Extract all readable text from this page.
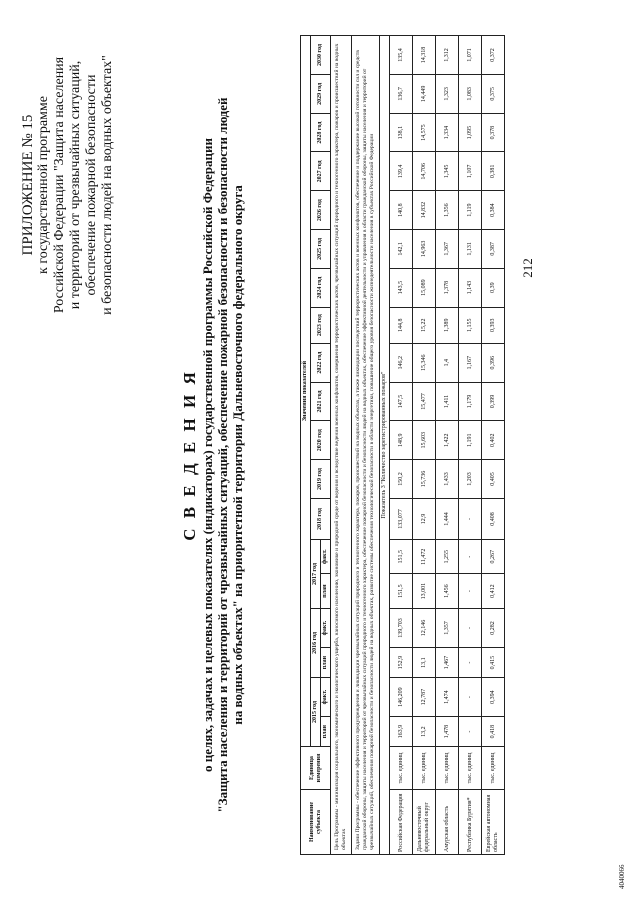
212
ПРИЛОЖЕНИЕ № 15 к государственной программе Российской Федерации "Защита населения и территорий от чрезвычайных ситуаций, обеспечение пожарной безопасности и безопасности людей на водных объектах"
С В Е Д Е Н И Я о целях, задачах и целевых показателях (индикаторах) государственной программы Российской Федерации "Защита населения и территорий от чрезвычайных ситуаций, обеспечение пожарной безопасности и безопасности людей на водных объектах" на приоритетной территории Дальневосточного федерального округа
Наименование субъекта	Единица измерения	Значения показателей																		
		2015 год		2016 год		2017 год		2018 год	2019 год	2020 год	2021 год	2022 год	2023 год	2024 год	2025 год	2026 год	2027 год	2028 год	2029 год	2030 год
		план	факт.	план	факт.	план	факт.													
Цель Программы - минимизация социального, экономического и экологического ущерба, наносимого населению, экономике и природной среде от ведения и вследствие ведения военных конфликтов, совершения террористических актов, чрезвычайных ситуаций природного и техногенного характера, пожаров и происшествий на водных объектах																				
Задачи Программы - обеспечение эффективного предупреждения и ликвидации чрезвычайных ситуаций природного и техногенного характера, пожаров, происшествий на водных объектах, а также ликвидации последствий террористических актов и военных конфликтов, обеспечение и поддержание высокой готовности сил и средств гражданской обороны, защиты населения и территорий от чрезвычайных ситуаций природного и техногенного характера, обеспечение пожарной безопасности и безопасности людей на водных объектах, обеспечение эффективной деятельности и управления в области гражданской обороны, защиты населения и территорий от чрезвычайных ситуаций, обеспечения пожарной безопасности и безопасности людей на водных объектах, развитие системы обеспечения технологической безопасности в области энергетики, повышение общего уровня безопасности жизнедеятельности населения в субъектах Российской Федерации																				
Показатель 3 "Количество зарегистрированных пожаров"																				
Российская Федерация	тыс. единиц	163,9	146,209	152,9	139,703	151,5	151,5	133,077	150,2	148,9	147,5	146,2	144,8	143,5	142,1	140,8	139,4	138,1	136,7	135,4
Дальневосточный федеральный округ	тыс. единиц	13,2	12,787	13,1	12,146	13,001	11,472	12,9	15,736	15,603	15,477	15,346	15,22	15,089	14,963	14,832	14,706	14,575	14,449	14,318
Амурская область	тыс. единиц	1,478	1,474	1,467	1,357	1,456	1,255	1,444	1,433	1,422	1,411	1,4	1,389	1,378	1,367	1,356	1,345	1,334	1,323	1,312
Республика Бурятия*	тыс. единиц	-	-	-	-	-	-	-	1,203	1,191	1,179	1,167	1,155	1,143	1,131	1,119	1,107	1,095	1,083	1,071
Еврейская автономная область	тыс. единиц	0,418	0,394	0,415	0,282	0,412	0,267	0,408	0,405	0,402	0,399	0,396	0,393	0,39	0,387	0,384	0,381	0,378	0,375	0,372
4040066
